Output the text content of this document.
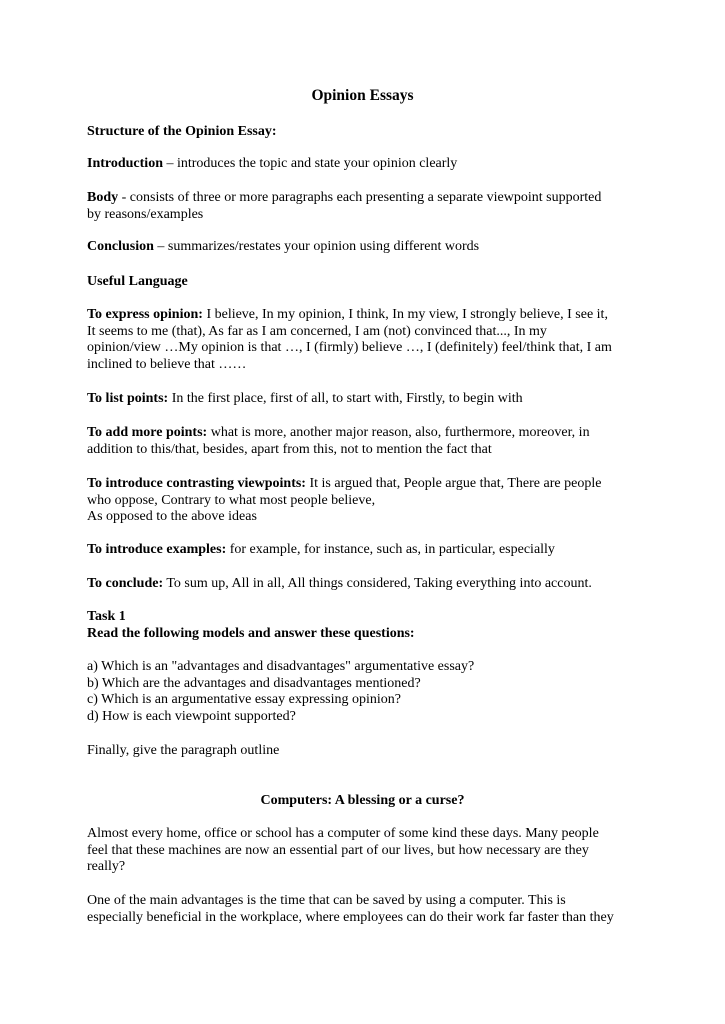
Opinion Essays
Structure of the Opinion Essay:
Introduction – introduces the topic and state your opinion clearly
Body - consists of three or more paragraphs each presenting a separate viewpoint supported
by reasons/examples
Conclusion – summarizes/restates your opinion using different words
Useful Language
To express opinion: I believe, In my opinion, I think, In my view, I strongly believe, I see it,
It seems to me (that), As far as I am concerned, I am (not) convinced that..., In my
opinion/view …My opinion is that …, I (firmly) believe …, I (definitely) feel/think that, I am
inclined to believe that ……
To list points: In the first place, first of all, to start with, Firstly, to begin with
To add more points: what is more, another major reason, also, furthermore, moreover, in
addition to this/that, besides, apart from this, not to mention the fact that
To introduce contrasting viewpoints: It is argued that, People argue that, There are people
who oppose, Contrary to what most people believe,
As opposed to the above ideas
To introduce examples: for example, for instance, such as, in particular, especially
To conclude: To sum up, All in all, All things considered, Taking everything into account.
Task 1
Read the following models and answer these questions:
a) Which is an "advantages and disadvantages" argumentative essay?
b) Which are the advantages and disadvantages mentioned?
c) Which is an argumentative essay expressing opinion?
d) How is each viewpoint supported?
Finally, give the paragraph outline
Computers: A blessing or a curse?
Almost every home, office or school has a computer of some kind these days. Many people
feel that these machines are now an essential part of our lives, but how necessary are they
really?
One of the main advantages is the time that can be saved by using a computer. This is
especially beneficial in the workplace, where employees can do their work far faster than they
